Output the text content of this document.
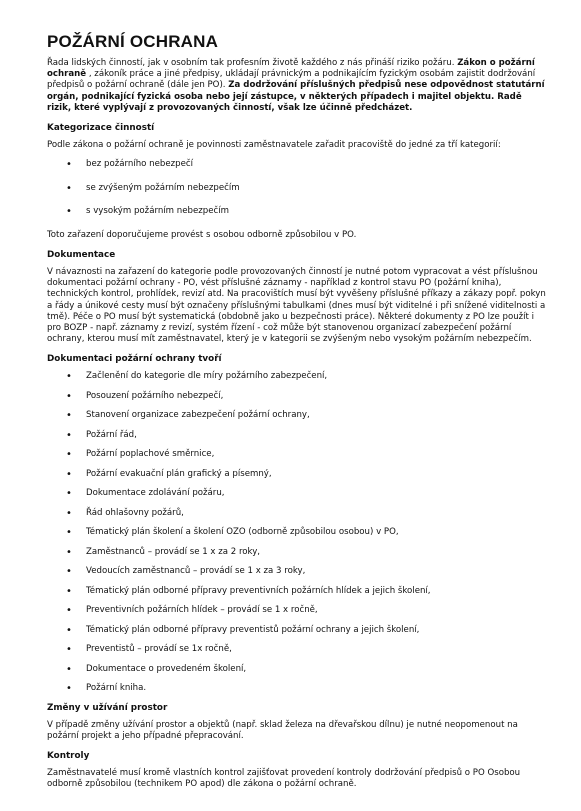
POŽÁRNÍ OCHRANA

Řada lidských činností, jak v osobním tak profesním životě každého z nás přináší riziko požáru. Zákon o požární ochraně , zákoník práce a jiné předpisy, ukládají právnickým a podnikajícím fyzickým osobám zajistit dodržování předpisů o požární ochraně (dále jen PO). Za dodržování příslušných předpisů nese odpovědnost statutární orgán, podnikající fyzická osoba nebo její zástupce, v některých případech i majitel objektu. Radě rizik, které vyplývají z provozovaných činností, však lze účinně předcházet.

Kategorizace činností

Podle zákona o požární ochraně je povinnosti zaměstnavatele zařadit pracoviště do jedné za tří kategorií:

• bez požárního nebezpečí
• se zvýšeným požárním nebezpečím
• s vysokým požárním nebezpečím

Toto zařazení doporučujeme provést s osobou odborně způsobilou v PO.

Dokumentace

V návaznosti na zařazení do kategorie podle provozovaných činností je nutné potom vypracovat a vést příslušnou dokumentaci požární ochrany - PO, vést příslušné záznamy - například z kontrol stavu PO (požární kniha), technických kontrol, prohlídek, revizí atd. Na pracovištích musí být vyvěšeny příslušné příkazy a zákazy popř. pokyn a řády a únikové cesty musí být označeny příslušnými tabulkami (dnes musí být viditelné i při snížené viditelnosti a tmě). Péče o PO musí být systematická (obdobně jako u bezpečnosti práce). Některé dokumenty z PO lze použít i pro BOZP - např. záznamy z revizí, systém řízení - což může být stanovenou organizací zabezpečení požární ochrany, kterou musí mít zaměstnavatel, který je v kategorii se zvýšeným nebo vysokým požárním nebezpečím.

Dokumentaci požární ochrany tvoří
• Začlenění do kategorie dle míry požárního zabezpečení,
• Posouzení požárního nebezpečí,
• Stanovení organizace zabezpečení požární ochrany,
• Požární řád,
• Požární poplachové směrnice,
• Požární evakuační plán grafický a písemný,
• Dokumentace zdolávání požáru,
• Řád ohlašovny požárů,
• Tématický plán školení a školení OZO (odborně způsobilou osobou) v PO,
• Zaměstnanců – provádí se 1 x za 2 roky,
• Vedoucích zaměstnanců – provádí se 1 x za 3 roky,
• Tématický plán odborné přípravy preventivních požárních hlídek a jejich školení,
• Preventivních požárních hlídek – provádí se 1 x ročně,
• Tématický plán odborné přípravy preventistů požární ochrany a jejich školení,
• Preventistů – provádí se 1x ročně,
• Dokumentace o provedeném školení,
• Požární kniha.
Změny v užívání prostor

V případě změny užívání prostor a objektů (např. sklad železa na dřevařskou dílnu) je nutné neopomenout na požární projekt a jeho případné přepracování.

Kontroly

Zaměstnavatelé musí kromě vlastních kontrol zajišťovat provedení kontroly dodržování předpisů o PO Osobou odborně způsobilou (technikem PO apod) dle zákona o požární ochraně.
